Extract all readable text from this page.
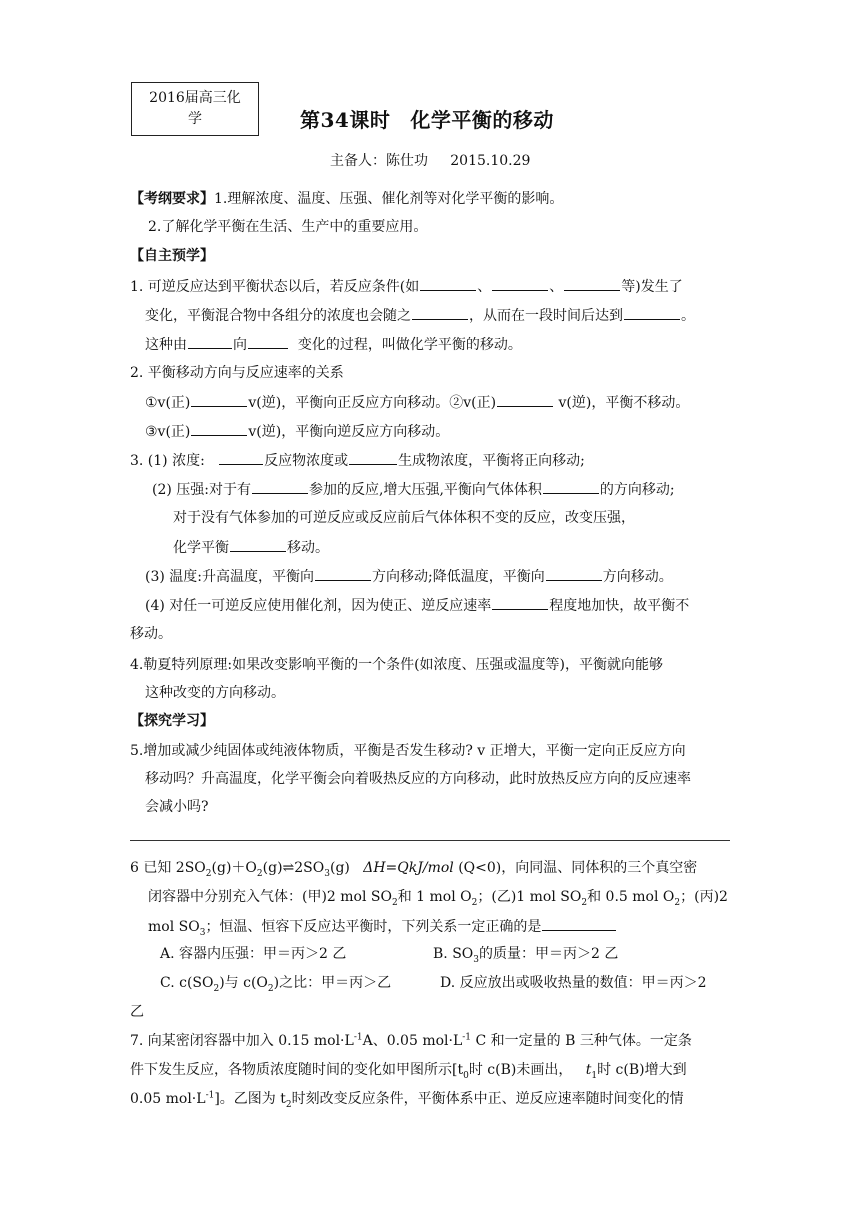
2016届高三化
学	第34课时 化学平衡的移动
主备人：陈仕功 2015.10.29
【考纲要求】1.理解浓度、温度、压强、催化剂等对化学平衡的影响。
2.了解化学平衡在生活、生产中的重要应用。
【自主预学】
1. 可逆反应达到平衡状态以后，若反应条件(如	、	、	等)发生了
变化，平衡混合物中各组分的浓度也会随之	，从而在一段时间后达到	。
这种由	向	变化的过程，叫做化学平衡的移动。
2. 平衡移动方向与反应速率的关系
①v(正)	v(逆)，平衡向正反应方向移动。②v(正)	v(逆)，平衡不移动。
③v(正)	v(逆)，平衡向逆反应方向移动。
3. (1) 浓度:	反应物浓度或	生成物浓度，平衡将正向移动;
(2) 压强:对于有	参加的反应,增大压强,平衡向气体体积	的方向移动;
对于没有气体参加的可逆反应或反应前后气体体积不变的反应，改变压强，
化学平衡	移动。
(3) 温度:升高温度，平衡向	方向移动;降低温度，平衡向	方向移动。
(4) 对任一可逆反应使用催化剂，因为使正、逆反应速率	程度地加快，故平衡不
移动。
4.勒夏特列原理:如果改变影响平衡的一个条件(如浓度、压强或温度等)，平衡就向能够
这种改变的方向移动。
【探究学习】
5.增加或减少纯固体或纯液体物质，平衡是否发生移动? v 正增大，平衡一定向正反应方向
移动吗？升高温度，化学平衡会向着吸热反应的方向移动，此时放热反应方向的反应速率
会减小吗?
6 已知 $2SO_2(g)+O_2(g)\rightleftharpoons 2SO_3(g)$ ΔH=QkJ/mol (Q<0)，向同温、同体积的三个真空密
闭容器中分别充入气体：(甲)2 mol $SO_2$和 1 mol $O_2$；(乙)1 mol $SO_2$和 0.5 mol $O_2$；(丙)2
mol $SO_3$；恒温、恒容下反应达平衡时，下列关系一定正确的是
A. 容器内压强：甲＝丙＞2 乙	B. $SO_3$的质量：甲＝丙＞2 乙
C. $c(SO_2)$与 $c(O_2)$之比：甲＝丙＞乙	D. 反应放出或吸收热量的数值：甲＝丙＞2
乙
7. 向某密闭容器中加入 0.15 $mol\cdot L^{-1}A$、0.05 $mol\cdot L^{-1}$ C 和一定量的 B 三种气体。一定条
件下发生反应，各物质浓度随时间的变化如甲图所示[$t_0$时 c(B)未画出， $t_1$时 c(B)增大到
0.05 $mol\cdot L^{-1}$]。乙图为 $t_2$时刻改变反应条件，平衡体系中正、逆反应速率随时间变化的情
